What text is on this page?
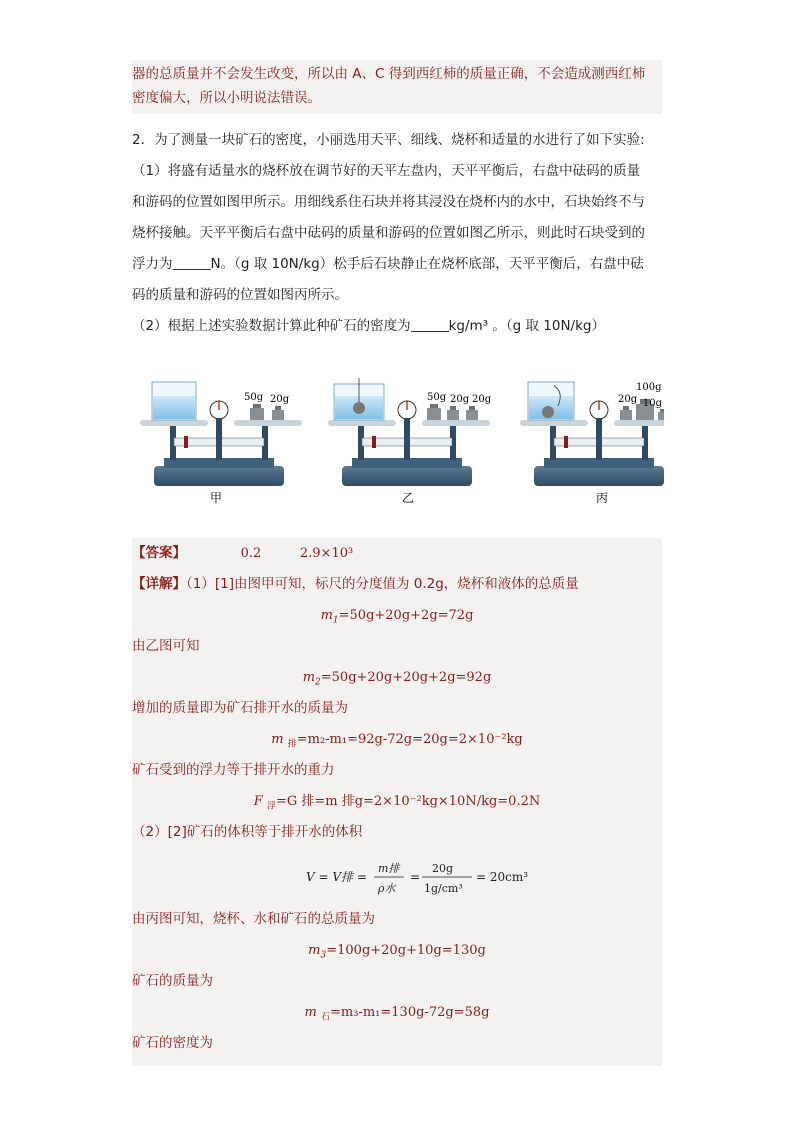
器的总质量并不会发生改变，所以由 A、C 得到西红柿的质量正确，不会造成测西红柿
密度偏大，所以小明说法错误。
2．为了测量一块矿石的密度，小丽选用天平、细线、烧杯和适量的水进行了如下实验:
（1）将盛有适量水的烧杯放在调节好的天平左盘内，天平平衡后，右盘中砝码的质量
和游码的位置如图甲所示。用细线系住石块并将其浸没在烧杯内的水中，石块始终不与
烧杯接触。天平平衡后右盘中砝码的质量和游码的位置如图乙所示，则此时石块受到的
浮力为	N。（g 取 10N/kg）松手后石块静止在烧杯底部，天平平衡后，右盘中砝
码的质量和游码的位置如图丙所示。
（2）根据上述实验数据计算此种矿石的密度为	kg/m³ 。（g 取 10N/kg）
50g 20g
甲
50g 20g 20g
乙
100g
20g 10g
丙
【答案】	0.2	2.9×10³
【详解】（1）[1]由图甲可知，标尺的分度值为 0.2g，烧杯和液体的总质量
$m_1=50g+20g+2g=72g$
由乙图可知
$m_2=50g+20g+20g+2g=92g$
增加的质量即为矿石排开水的质量为
m $_排$=m₂-m₁=92g-72g=20g=2×10⁻²kg
矿石受到的浮力等于排开水的重力
F $_浮$=G 排=m 排g=2×10⁻²kg×10N/kg=0.2N
（2）[2]矿石的体积等于排开水的体积
V = V排 =
m排
ρ水
=
20g
1g/cm³
= 20cm³
由丙图可知，烧杯、水和矿石的总质量为
$m_3=100g+20g+10g=130g$
矿石的质量为
m $_石$=m₃-m₁=130g-72g=58g
矿石的密度为
